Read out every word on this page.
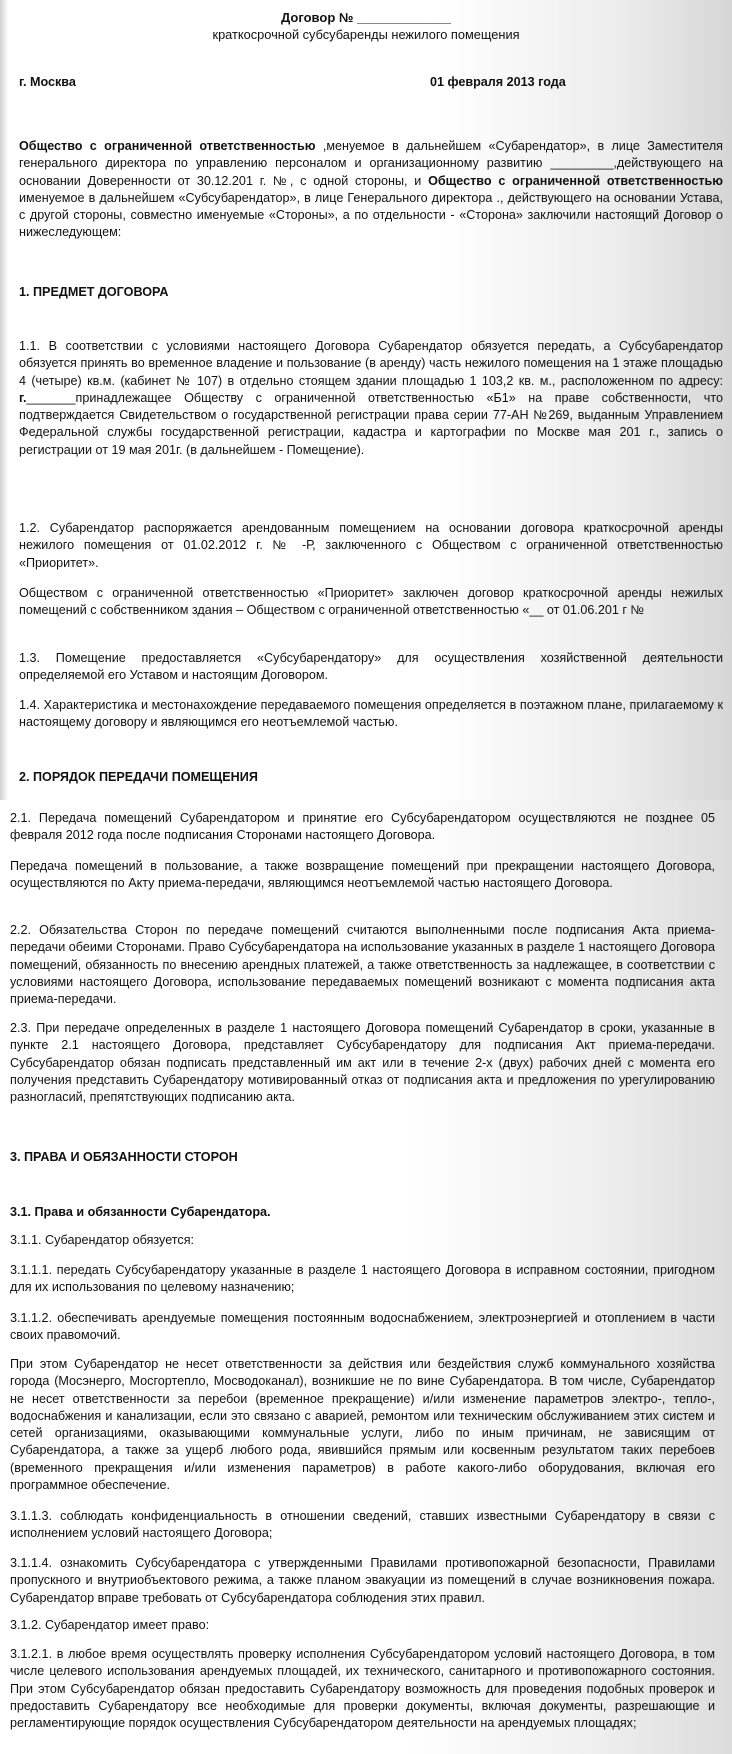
Договор № _____________

краткосрочной субсубаренды нежилого помещения

г. Москва	01 февраля 2013 года

Общество с ограниченной ответственностью ,менуемое в дальнейшем «Субарендатор», в лице Заместителя генерального директора по управлению персоналом и организационному развитию _________,действующего на основании Доверенности от 30.12.201 г. №, с одной стороны, и Общество с ограниченной ответственностью именуемое в дальнейшем «Субсубарендатор», в лице Генерального директора ., действующего на основании Устава, с другой стороны, совместно именуемые «Стороны», а по отдельности - «Сторона» заключили настоящий Договор о нижеследующем:

1. ПРЕДМЕТ ДОГОВОРА

1.1. В соответствии с условиями настоящего Договора Субарендатор обязуется передать, а Субсубарендатор обязуется принять во временное владение и пользование (в аренду) часть нежилого помещения на 1 этаже площадью 4 (четыре) кв.м. (кабинет № 107) в отдельно стоящем здании площадью 1 103,2 кв. м., расположенном по адресу: г._______принадлежащее Обществу с ограниченной ответственностью «Б1» на праве собственности, что подтверждается Свидетельством о государственной регистрации права серии 77-АН №269, выданным Управлением Федеральной службы государственной регистрации, кадастра и картографии по Москве мая 201 г., запись о регистрации от 19 мая 201г. (в дальнейшем - Помещение).

1.2. Субарендатор распоряжается арендованным помещением на основании договора краткосрочной аренды нежилого помещения от 01.02.2012 г. № -Р, заключенного с Обществом с ограниченной ответственностью «Приоритет».

Обществом с ограниченной ответственностью «Приоритет» заключен договор краткосрочной аренды нежилых помещений с собственником здания – Обществом с ограниченной ответственностью «__ от 01.06.201 г №

1.3. Помещение предоставляется «Субсубарендатору» для осуществления хозяйственной деятельности определяемой его Уставом и настоящим Договором.

1.4. Характеристика и местонахождение передаваемого помещения определяется в поэтажном плане, прилагаемому к настоящему договору и являющимся его неотъемлемой частью.

2. ПОРЯДОК ПЕРЕДАЧИ ПОМЕЩЕНИЯ

2.1. Передача помещений Субарендатором и принятие его Субсубарендатором осуществляются не позднее 05 февраля 2012 года после подписания Сторонами настоящего Договора.

Передача помещений в пользование, а также возвращение помещений при прекращении настоящего Договора, осуществляются по Акту приема-передачи, являющимся неотъемлемой частью настоящего Договора.

2.2. Обязательства Сторон по передаче помещений считаются выполненными после подписания Акта приема-передачи обеими Сторонами. Право Субсубарендатора на использование указанных в разделе 1 настоящего Договора помещений, обязанность по внесению арендных платежей, а также ответственность за надлежащее, в соответствии с условиями настоящего Договора, использование передаваемых помещений возникают с момента подписания акта приема-передачи.

2.3. При передаче определенных в разделе 1 настоящего Договора помещений Субарендатор в сроки, указанные в пункте 2.1 настоящего Договора, представляет Субсубарендатору для подписания Акт приема-передачи. Субсубарендатор обязан подписать представленный им акт или в течение 2-х (двух) рабочих дней с момента его получения представить Субарендатору мотивированный отказ от подписания акта и предложения по урегулированию разногласий, препятствующих подписанию акта.

3. ПРАВА И ОБЯЗАННОСТИ СТОРОН

3.1. Права и обязанности Субарендатора.

3.1.1. Субарендатор обязуется:

3.1.1.1. передать Субсубарендатору указанные в разделе 1 настоящего Договора в исправном состоянии, пригодном для их использования по целевому назначению;

3.1.1.2. обеспечивать арендуемые помещения постоянным водоснабжением, электроэнергией и отоплением в части своих правомочий.

При этом Субарендатор не несет ответственности за действия или бездействия служб коммунального хозяйства города (Мосэнерго, Мосгортепло, Мосводоканал), возникшие не по вине Субарендатора. В том числе, Субарендатор не несет ответственности за перебои (временное прекращение) и/или изменение параметров электро-, тепло-, водоснабжения и канализации, если это связано с аварией, ремонтом или техническим обслуживанием этих систем и сетей организациями, оказывающими коммунальные услуги, либо по иным причинам, не зависящим от Субарендатора, а также за ущерб любого рода, явившийся прямым или косвенным результатом таких перебоев (временного прекращения и/или изменения параметров) в работе какого-либо оборудования, включая его программное обеспечение.

3.1.1.3. соблюдать конфиденциальность в отношении сведений, ставших известными Субарендатору в связи с исполнением условий настоящего Договора;

3.1.1.4. ознакомить Субсубарендатора с утвержденными Правилами противопожарной безопасности, Правилами пропускного и внутриобъектового режима, а также планом эвакуации из помещений в случае возникновения пожара. Субарендатор вправе требовать от Субсубарендатора соблюдения этих правил.

3.1.2. Субарендатор имеет право:

3.1.2.1. в любое время осуществлять проверку исполнения Субсубарендатором условий настоящего Договора, в том числе целевого использования арендуемых площадей, их технического, санитарного и противопожарного состояния. При этом Субсубарендатор обязан предоставить Субарендатору возможность для проведения подобных проверок и предоставить Субарендатору все необходимые для проверки документы, включая документы, разрешающие и регламентирующие порядок осуществления Субсубарендатором деятельности на арендуемых площадях;
